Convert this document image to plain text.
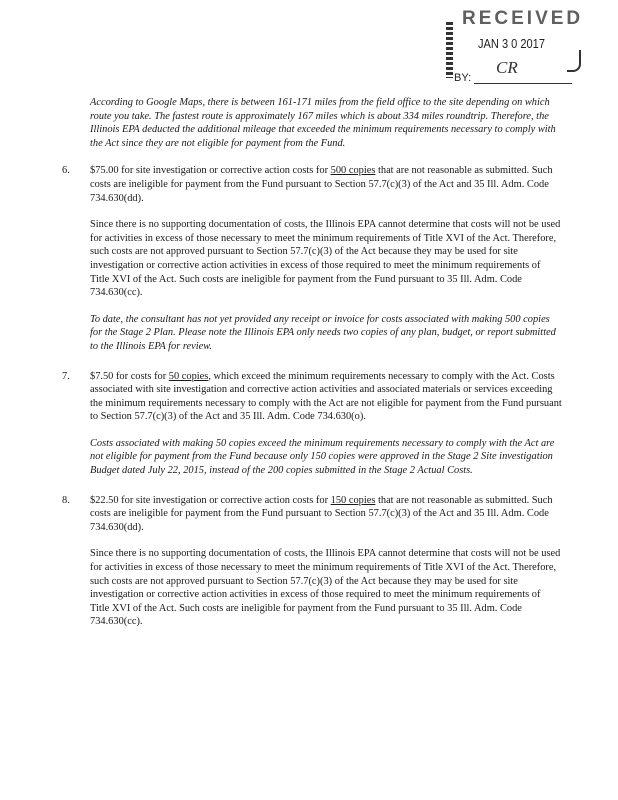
RECEIVED
JAN 3 0 2017
CR
BY:

According to Google Maps, there is between 161-171 miles from the field office to the site depending on which route you take. The fastest route is approximately 167 miles which is about 334 miles roundtrip. Therefore, the Illinois EPA deducted the additional mileage that exceeded the minimum requirements necessary to comply with the Act since they are not eligible for payment from the Fund.

6. $75.00 for site investigation or corrective action costs for 500 copies that are not reasonable as submitted. Such costs are ineligible for payment from the Fund pursuant to Section 57.7(c)(3) of the Act and 35 Ill. Adm. Code 734.630(dd).

Since there is no supporting documentation of costs, the Illinois EPA cannot determine that costs will not be used for activities in excess of those necessary to meet the minimum requirements of Title XVI of the Act. Therefore, such costs are not approved pursuant to Section 57.7(c)(3) of the Act because they may be used for site investigation or corrective action activities in excess of those required to meet the minimum requirements of Title XVI of the Act. Such costs are ineligible for payment from the Fund pursuant to 35 Ill. Adm. Code 734.630(cc).

To date, the consultant has not yet provided any receipt or invoice for costs associated with making 500 copies for the Stage 2 Plan. Please note the Illinois EPA only needs two copies of any plan, budget, or report submitted to the Illinois EPA for review.

7. $7.50 for costs for 50 copies, which exceed the minimum requirements necessary to comply with the Act. Costs associated with site investigation and corrective action activities and associated materials or services exceeding the minimum requirements necessary to comply with the Act are not eligible for payment from the Fund pursuant to Section 57.7(c)(3) of the Act and 35 Ill. Adm. Code 734.630(o).

Costs associated with making 50 copies exceed the minimum requirements necessary to comply with the Act are not eligible for payment from the Fund because only 150 copies were approved in the Stage 2 Site investigation Budget dated July 22, 2015, instead of the 200 copies submitted in the Stage 2 Actual Costs.

8. $22.50 for site investigation or corrective action costs for 150 copies that are not reasonable as submitted. Such costs are ineligible for payment from the Fund pursuant to Section 57.7(c)(3) of the Act and 35 Ill. Adm. Code 734.630(dd).

Since there is no supporting documentation of costs, the Illinois EPA cannot determine that costs will not be used for activities in excess of those necessary to meet the minimum requirements of Title XVI of the Act. Therefore, such costs are not approved pursuant to Section 57.7(c)(3) of the Act because they may be used for site investigation or corrective action activities in excess of those required to meet the minimum requirements of Title XVI of the Act. Such costs are ineligible for payment from the Fund pursuant to 35 Ill. Adm. Code 734.630(cc).
